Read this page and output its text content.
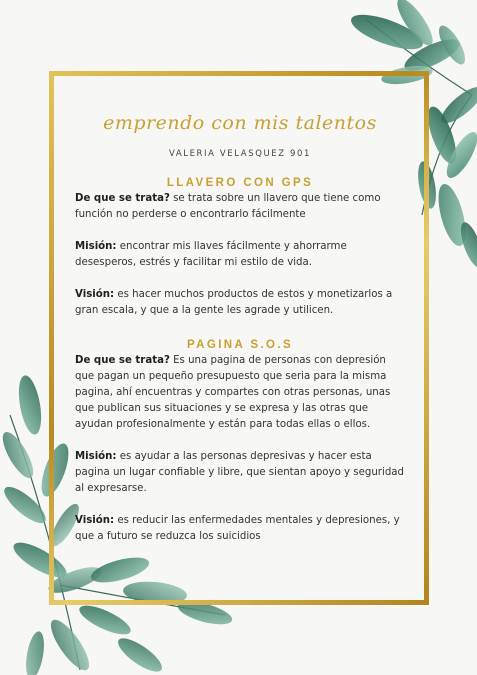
emprendo con mis talentos
VALERIA VELASQUEZ 901
LLAVERO CON GPS

De que se trata? se trata sobre un llavero que tiene como función no perderse o encontrarlo fácilmente

Misión: encontrar mis llaves fácilmente y ahorrarme desesperos, estrés y facilitar mi estilo de vida.

Visión: es hacer muchos productos de estos y monetizarlos a gran escala, y que a la gente les agrade y utilicen.

PAGINA S.O.S

De que se trata? Es una pagina de personas con depresión que pagan un pequeño presupuesto que seria para la misma pagina, ahí encuentras y compartes con otras personas, unas que publican sus situaciones y se expresa y las otras que ayudan profesionalmente y están para todas ellas o ellos.

Misión: es ayudar a las personas depresivas y hacer esta pagina un lugar confiable y libre, que sientan apoyo y seguridad al expresarse.

Visión: es reducir las enfermedades mentales y depresiones, y que a futuro se reduzca los suicidios
